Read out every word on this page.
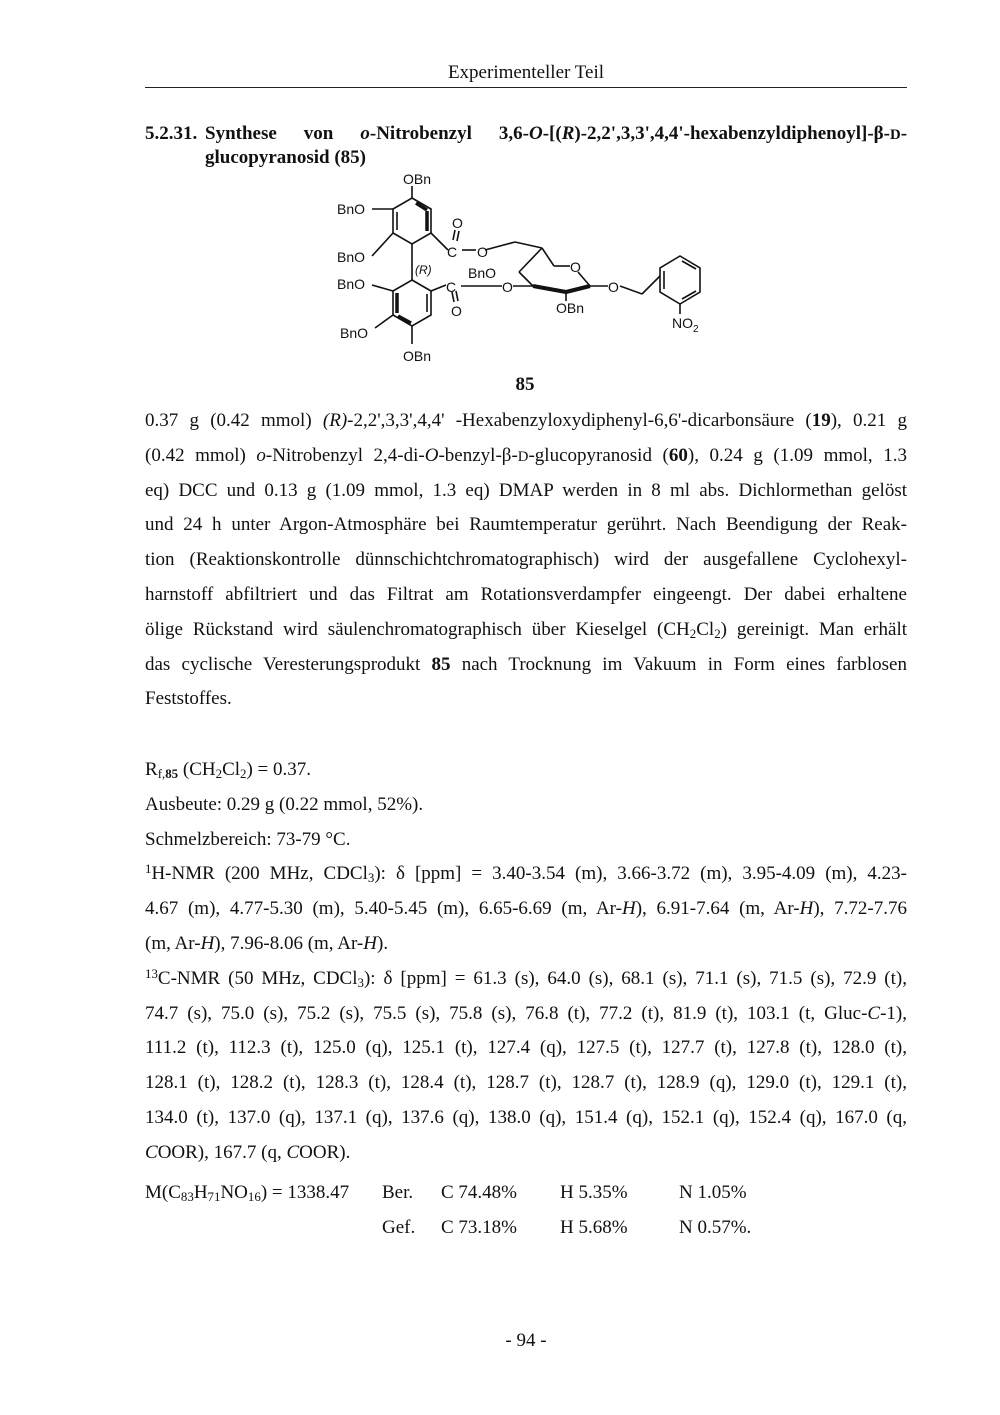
Experimenteller Teil
5.2.31. Synthese von o-Nitrobenzyl 3,6-O-[(R)-2,2',3,3',4,4'-hexabenzyldiphenoyl]-β-D-
glucopyranosid (85)
OBn
BnO
BnO
BnO
BnO
OBn
(R)
C
O
O
C
O
O
BnO	O
O
OBn
$NO_2$
85
0.37 g (0.42 mmol) (R)-2,2',3,3',4,4' -Hexabenzyloxydiphenyl-6,6'-dicarbonsäure (19), 0.21 g
(0.42 mmol) o-Nitrobenzyl 2,4-di-O-benzyl-β-D-glucopyranosid (60), 0.24 g (1.09 mmol, 1.3
eq) DCC und 0.13 g (1.09 mmol, 1.3 eq) DMAP werden in 8 ml abs. Dichlormethan gelöst
und 24 h unter Argon-Atmosphäre bei Raumtemperatur gerührt. Nach Beendigung der Reak-
tion (Reaktionskontrolle dünnschichtchromatographisch) wird der ausgefallene Cyclohexyl-
harnstoff abfiltriert und das Filtrat am Rotationsverdampfer eingeengt. Der dabei erhaltene
ölige Rückstand wird säulenchromatographisch über Kieselgel $(CH_2Cl_2)$ gereinigt. Man erhält
das cyclische Veresterungsprodukt 85 nach Trocknung im Vakuum in Form eines farblosen
Feststoffes.
$R_{f,85}$ $(CH_2Cl_2) = 0.37$.
Ausbeute: 0.29 g (0.22 mmol, 52%).
Schmelzbereich: 73-79 °C.
$^1$H-NMR (200 MHz, CDCl$_3$): δ [ppm] = 3.40-3.54 (m), 3.66-3.72 (m), 3.95-4.09 (m), 4.23-
4.67 (m), 4.77-5.30 (m), 5.40-5.45 (m), 6.65-6.69 (m, Ar-H), 6.91-7.64 (m, Ar-H), 7.72-7.76
(m, Ar-H), 7.96-8.06 (m, Ar-H).
$^{13}$C-NMR (50 MHz, CDCl$_3$): δ [ppm] = 61.3 (s), 64.0 (s), 68.1 (s), 71.1 (s), 71.5 (s), 72.9 (t),
74.7 (s), 75.0 (s), 75.2 (s), 75.5 (s), 75.8 (s), 76.8 (t), 77.2 (t), 81.9 (t), 103.1 (t, Gluc-C-1),
111.2 (t), 112.3 (t), 125.0 (q), 125.1 (t), 127.4 (q), 127.5 (t), 127.7 (t), 127.8 (t), 128.0 (t),
128.1 (t), 128.2 (t), 128.3 (t), 128.4 (t), 128.7 (t), 128.7 (t), 128.9 (q), 129.0 (t), 129.1 (t),
134.0 (t), 137.0 (q), 137.1 (q), 137.6 (q), 138.0 (q), 151.4 (q), 152.1 (q), 152.4 (q), 167.0 (q,
COOR), 167.7 (q, COOR).
$M(C_{83}H_{71}NO_{16}) = 1338.47$ Ber. C 74.48% H 5.35%	N 1.05%
Gef. C 73.18% H 5.68%	N 0.57%.
- 94 -
